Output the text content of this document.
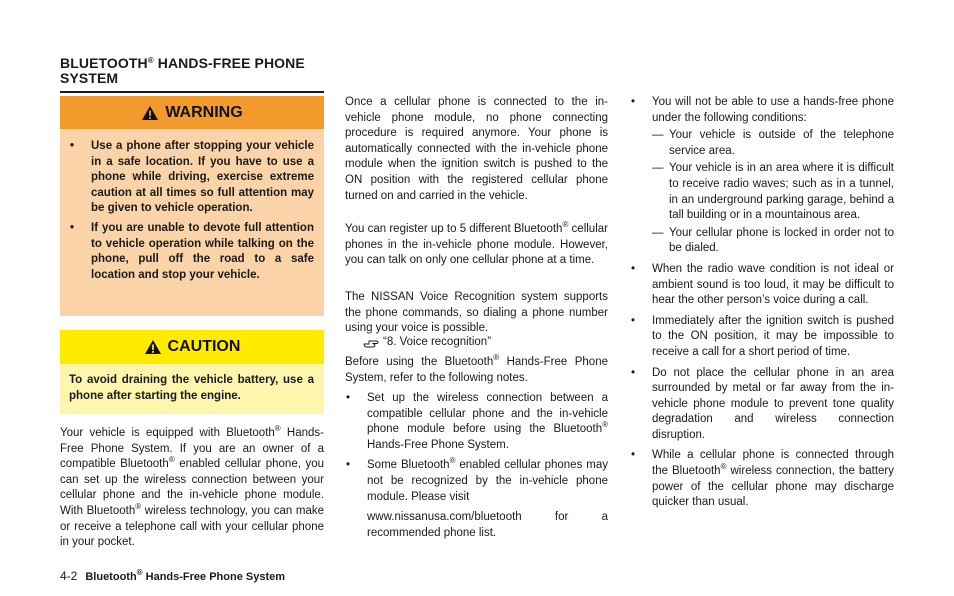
BLUETOOTH® HANDS-FREE PHONE SYSTEM
WARNING
• Use a phone after stopping your vehicle in a safe location. If you have to use a phone while driving, exercise extreme caution at all times so full attention may be given to vehicle operation.
• If you are unable to devote full attention to vehicle operation while talking on the phone, pull off the road to a safe location and stop your vehicle.
CAUTION
To avoid draining the vehicle battery, use a phone after starting the engine.

Your vehicle is equipped with Bluetooth® Hands-Free Phone System. If you are an owner of a compatible Bluetooth® enabled cellular phone, you can set up the wireless connection between your cellular phone and the in-vehicle phone module. With Bluetooth® wireless technology, you can make or receive a telephone call with your cellular phone in your pocket.

Once a cellular phone is connected to the in-vehicle phone module, no phone connecting procedure is required anymore. Your phone is automatically connected with the in-vehicle phone module when the ignition switch is pushed to the ON position with the registered cellular phone turned on and carried in the vehicle.

You can register up to 5 different Bluetooth® cellular phones in the in-vehicle phone module. However, you can talk on only one cellular phone at a time.

The NISSAN Voice Recognition system supports the phone commands, so dialing a phone number using your voice is possible.

“8. Voice recognition”

Before using the Bluetooth® Hands-Free Phone System, refer to the following notes.

• Set up the wireless connection between a compatible cellular phone and the in-vehicle phone module before using the Bluetooth® Hands-Free Phone System.
• Some Bluetooth® enabled cellular phones may not be recognized by the in-vehicle phone module. Please visit
www.nissanusa.com/bluetooth for a recommended phone list.
• You will not be able to use a hands-free phone under the following conditions:
— Your vehicle is outside of the telephone service area.
— Your vehicle is in an area where it is difficult to receive radio waves; such as in a tunnel, in an underground parking garage, behind a tall building or in a mountainous area.
— Your cellular phone is locked in order not to be dialed.
• When the radio wave condition is not ideal or ambient sound is too loud, it may be difficult to hear the other person’s voice during a call.
• Immediately after the ignition switch is pushed to the ON position, it may be impossible to receive a call for a short period of time.
• Do not place the cellular phone in an area surrounded by metal or far away from the in-vehicle phone module to prevent tone quality degradation and wireless connection disruption.
• While a cellular phone is connected through the Bluetooth® wireless connection, the battery power of the cellular phone may discharge quicker than usual.
4-2 Bluetooth® Hands-Free Phone System
